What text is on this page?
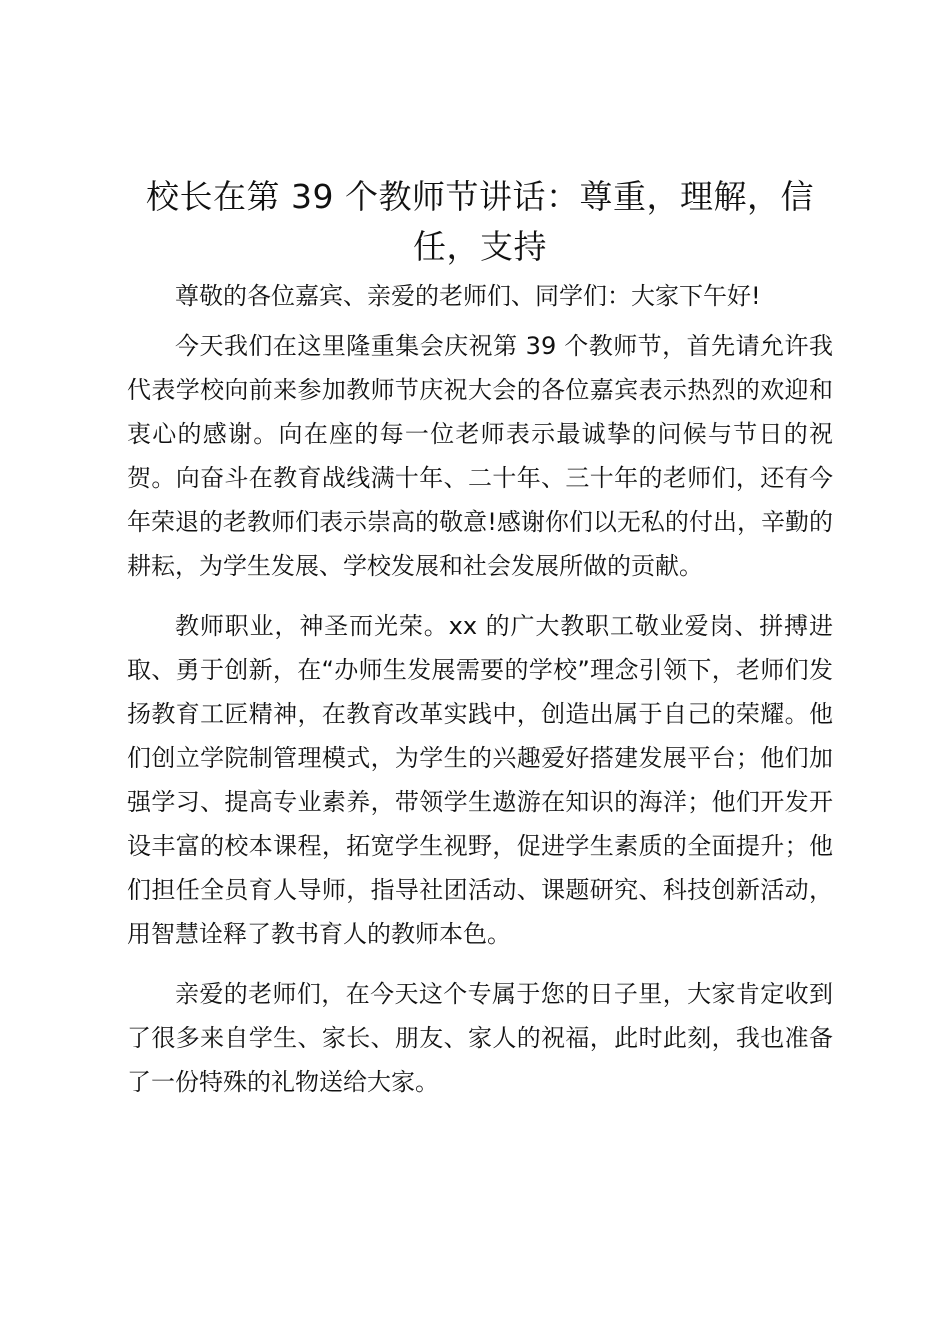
校长在第 39 个教师节讲话：尊重，理解，信任，支持

尊敬的各位嘉宾、亲爱的老师们、同学们：大家下午好!

今天我们在这里隆重集会庆祝第 39 个教师节，首先请允许我代表学校向前来参加教师节庆祝大会的各位嘉宾表示热烈的欢迎和衷心的感谢。向在座的每一位老师表示最诚挚的问候与节日的祝贺。向奋斗在教育战线满十年、二十年、三十年的老师们，还有今年荣退的老教师们表示崇高的敬意!感谢你们以无私的付出，辛勤的耕耘，为学生发展、学校发展和社会发展所做的贡献。

教师职业，神圣而光荣。xx 的广大教职工敬业爱岗、拼搏进取、勇于创新，在“办师生发展需要的学校”理念引领下，老师们发扬教育工匠精神，在教育改革实践中，创造出属于自己的荣耀。他们创立学院制管理模式，为学生的兴趣爱好搭建发展平台；他们加强学习、提高专业素养，带领学生遨游在知识的海洋；他们开发开设丰富的校本课程，拓宽学生视野，促进学生素质的全面提升；他们担任全员育人导师，指导社团活动、课题研究、科技创新活动，用智慧诠释了教书育人的教师本色。

亲爱的老师们，在今天这个专属于您的日子里，大家肯定收到了很多来自学生、家长、朋友、家人的祝福，此时此刻，我也准备了一份特殊的礼物送给大家。
